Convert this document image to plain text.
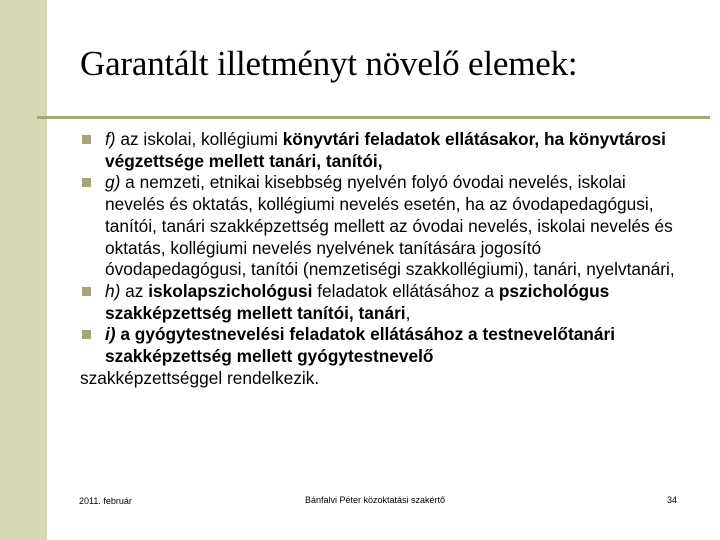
Garantált illetményt növelő elemek:

f) az iskolai, kollégiumi könyvtári feladatok ellátásakor, ha könyvtárosi végzettsége mellett tanári, tanítói,

g) a nemzeti, etnikai kisebbség nyelvén folyó óvodai nevelés, iskolai nevelés és oktatás, kollégiumi nevelés esetén, ha az óvodapedagógusi, tanítói, tanári szakképzettség mellett az óvodai nevelés, iskolai nevelés és oktatás, kollégiumi nevelés nyelvének tanítására jogosító óvodapedagógusi, tanítói (nemzetiségi szakkollégiumi), tanári, nyelvtanári,

h) az iskolapszichológusi feladatok ellátásához a pszichológus szakképzettség mellett tanítói, tanári,

i) a gyógytestnevelési feladatok ellátásához a testnevelőtanári szakképzettség mellett gyógytestnevelő

szakképzettséggel rendelkezik.

2011. február	Bánfalvi Péter közoktatási szakértő	34
